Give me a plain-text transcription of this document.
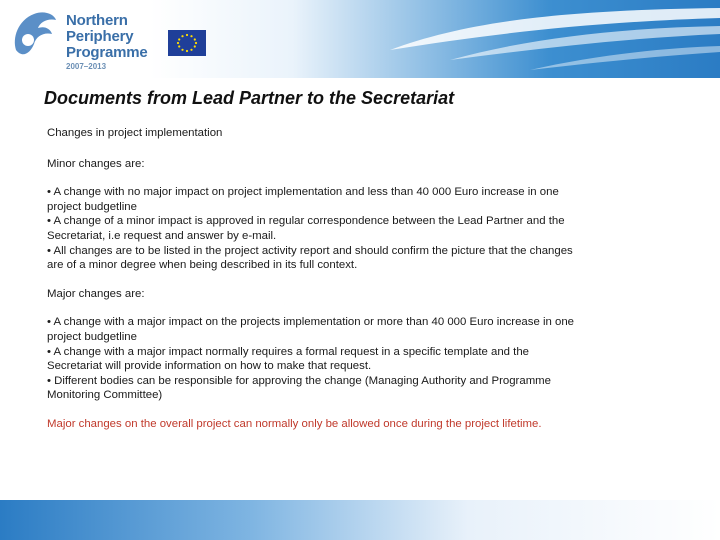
Northern
Periphery
Programme
2007–2013
Documents from Lead Partner to the Secretariat

Changes in project implementation

Minor changes are:

• A change with no major impact on project implementation and less than 40 000 Euro increase in one project budgetline
• A change of a minor impact is approved in regular correspondence between the Lead Partner and the Secretariat, i.e request and answer by e-mail.
• All changes are to be listed in the project activity report and should confirm the picture that the changes are of a minor degree when being described in its full context.

Major changes are:

• A change with a major impact on the projects implementation or more than 40 000 Euro increase in one project budgetline
• A change with a major impact normally requires a formal request in a specific template and the Secretariat will provide information on how to make that request.
• Different bodies can be responsible for approving the change (Managing Authority and Programme Monitoring Committee)

Major changes on the overall project can normally only be allowed once during the project lifetime.
